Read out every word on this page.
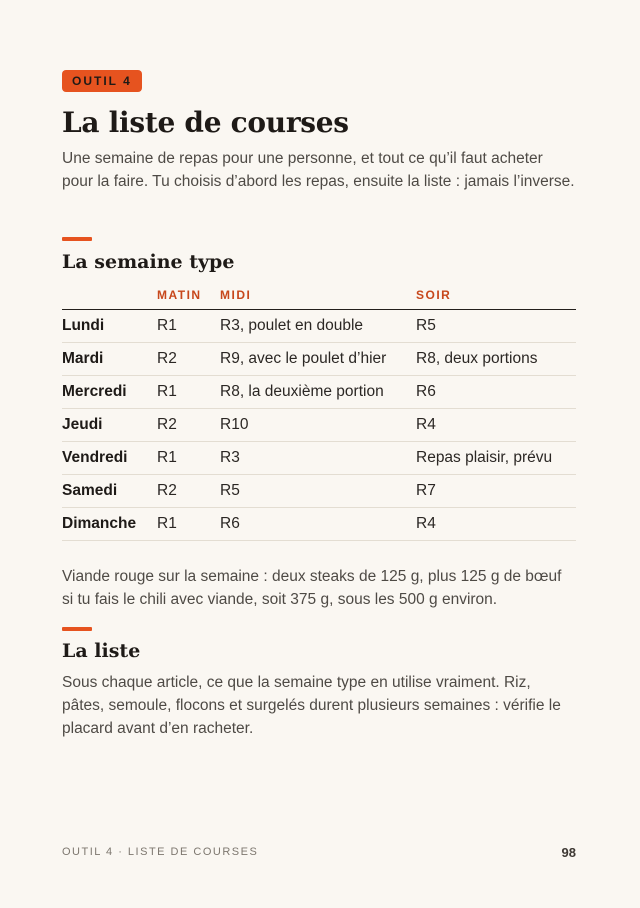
OUTIL 4
La liste de courses

Une semaine de repas pour une personne, et tout ce qu’il faut acheter pour la faire. Tu choisis d’abord les repas, ensuite la liste : jamais l’inverse.

La semaine type
	MATIN	MIDI	SOIR
Lundi	R1	R3, poulet en double	R5
Mardi	R2	R9, avec le poulet d’hier	R8, deux portions
Mercredi	R1	R8, la deuxième portion	R6
Jeudi	R2	R10	R4
Vendredi	R1	R3	Repas plaisir, prévu
Samedi	R2	R5	R7
Dimanche	R1	R6	R4

Viande rouge sur la semaine : deux steaks de 125 g, plus 125 g de bœuf si tu fais le chili avec viande, soit 375 g, sous les 500 g environ.

La liste

Sous chaque article, ce que la semaine type en utilise vraiment. Riz, pâtes, semoule, flocons et surgelés durent plusieurs semaines : vérifie le placard avant d’en racheter.

OUTIL 4 · LISTE DE COURSES	98
